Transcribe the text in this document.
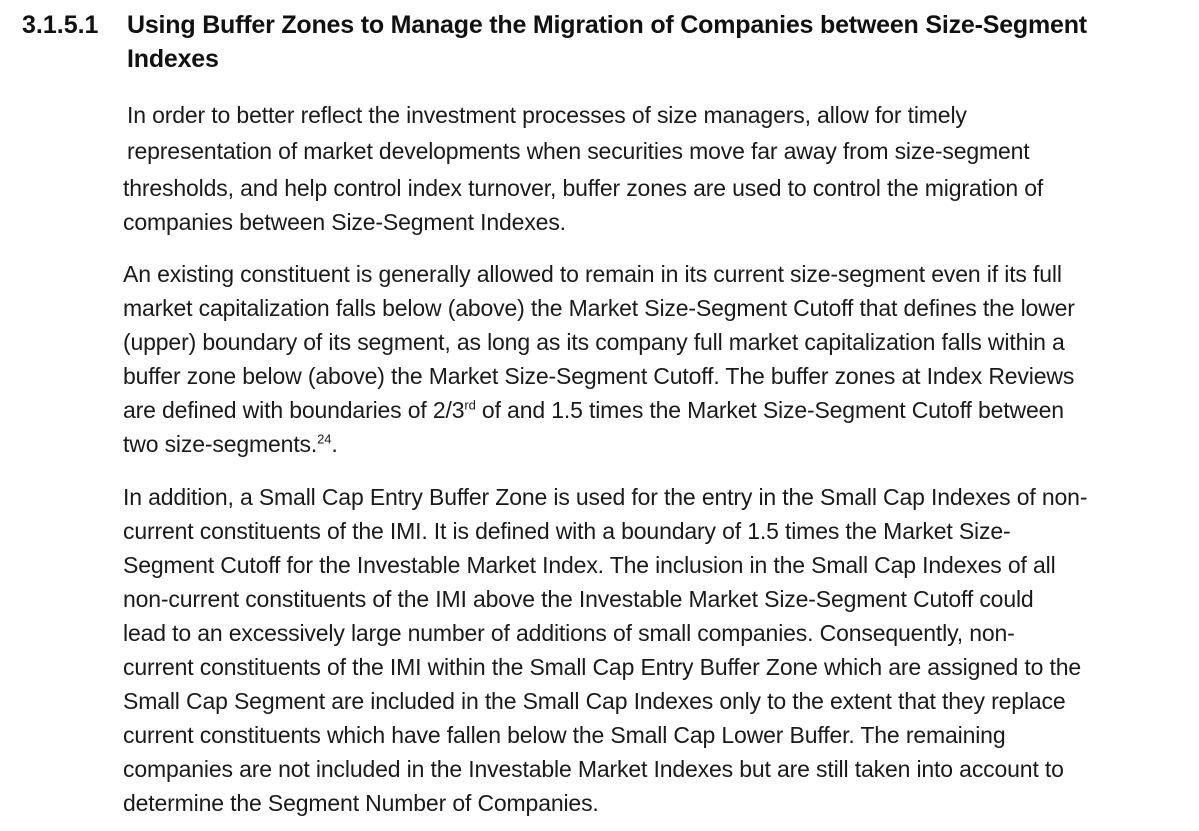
3.1.5.1	Using Buffer Zones to Manage the Migration of Companies between Size-Segment
Indexes
In order to better reflect the investment processes of size managers, allow for timely
representation of market developments when securities move far away from size-segment
thresholds, and help control index turnover, buffer zones are used to control the migration of
companies between Size-Segment Indexes.
An existing constituent is generally allowed to remain in its current size-segment even if its full
market capitalization falls below (above) the Market Size-Segment Cutoff that defines the lower
(upper) boundary of its segment, as long as its company full market capitalization falls within a
buffer zone below (above) the Market Size-Segment Cutoff. The buffer zones at Index Reviews
are defined with boundaries of 2/3rd of and 1.5 times the Market Size-Segment Cutoff between
two size-segments.$^{24}$.
In addition, a Small Cap Entry Buffer Zone is used for the entry in the Small Cap Indexes of non-
current constituents of the IMI. It is defined with a boundary of 1.5 times the Market Size-
Segment Cutoff for the Investable Market Index. The inclusion in the Small Cap Indexes of all
non-current constituents of the IMI above the Investable Market Size-Segment Cutoff could
lead to an excessively large number of additions of small companies. Consequently, non-
current constituents of the IMI within the Small Cap Entry Buffer Zone which are assigned to the
Small Cap Segment are included in the Small Cap Indexes only to the extent that they replace
current constituents which have fallen below the Small Cap Lower Buffer. The remaining
companies are not included in the Investable Market Indexes but are still taken into account to
determine the Segment Number of Companies.
